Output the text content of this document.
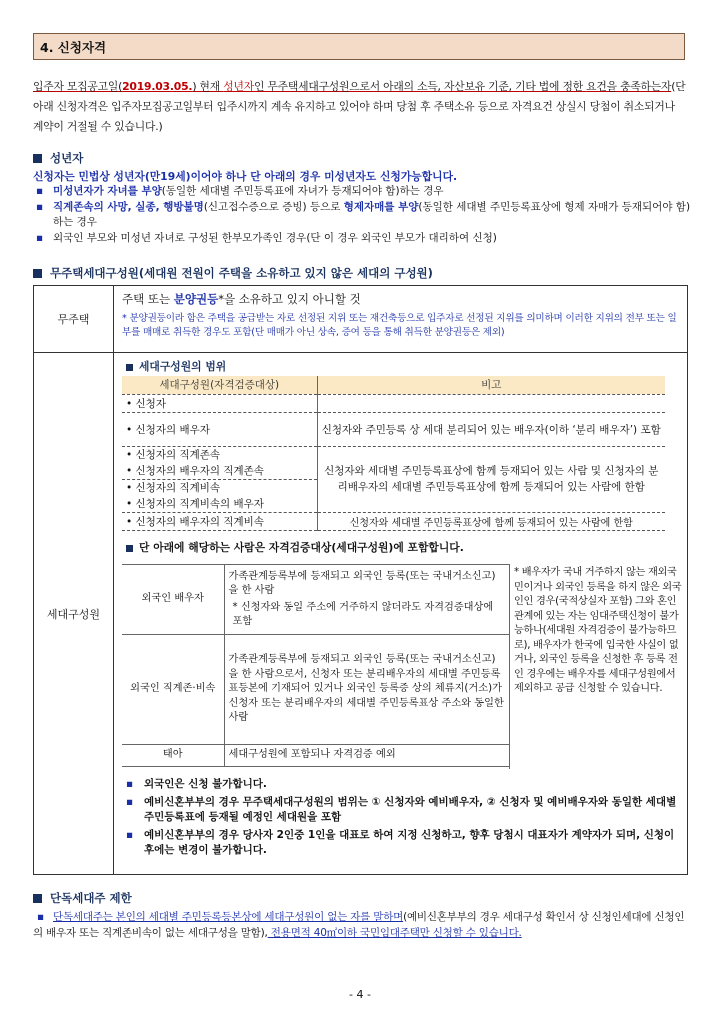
4. 신청자격
입주자 모집공고일(2019.03.05.) 현재 성년자인 무주택세대구성원으로서 아래의 소득, 자산보유 기준, 기타 법에 정한 요건을 충족하는자(단 아래 신청자격은 입주자모집공고일부터 입주시까지 계속 유지하고 있어야 하며 당첨 후 주택소유 등으로 자격요건 상실시 당첨이 취소되거나 계약이 거절될 수 있습니다.)
성년자
신청자는 민법상 성년자(만19세)이어야 하나 단 아래의 경우 미성년자도 신청가능합니다.
▪ 미성년자가 자녀를 부양(동일한 세대별 주민등록표에 자녀가 등재되어야 함)하는 경우
▪ 직계존속의 사망, 실종, 행방불명(신고접수증으로 증빙) 등으로 형제자매를 부양(동일한 세대별 주민등록표상에 형제 자매가 등재되어야 함)하는 경우
▪ 외국인 부모와 미성년 자녀로 구성된 한부모가족인 경우(단 이 경우 외국인 부모가 대리하여 신청)
무주택세대구성원 (세대원 전원이 주택을 소유하고 있지 않은 세대의 구성원)
무주택
주택 또는 분양권등*을 소유하고 있지 아니할 것
* 분양권등이라 함은 주택을 공급받는 자로 선정된 지위 또는 재건축등으로 입주자로 선정된 지위를 의미하며 이러한 지위의 전부 또는 일부를 매매로 취득한 경우도 포함(단 매매가 아닌 상속, 증여 등을 통해 취득한 분양권등은 제외)
세대구성원
세대구성원의 범위
세대구성원(자격검증대상)	비고
• 신청자	
• 신청자의 배우자	신청자와 주민등록 상 세대 분리되어 있는 배우자(이하 ‘분리 배우자’) 포함

• 신청자의 직계존속
• 신청자의 배우자의 직계존속
• 신청자의 직계비속
• 신청자의 직계비속의 배우자	신청자와 세대별 주민등록표상에 함께 등재되어 있는 사람 및 신청자의 분리배우자의 세대별 주민등록표상에 함께 등재되어 있는 사람에 한함
• 신청자의 배우자의 직계비속	신청자와 세대별 주민등록표상에 함께 등재되어 있는 사람에 한함
단 아래에 해당하는 사람은 자격검증대상(세대구성원)에 포함합니다.
외국인 배우자	가족관계등록부에 등재되고 외국인 등록(또는 국내거소신고)을 한 사람
* 신청자와 동일 주소에 거주하지 않더라도 자격검증대상에 포함

외국인 직계존·비속	가족관계등록부에 등재되고 외국인 등록(또는 국내거소신고)을 한 사람으로서, 신청자 또는 분리배우자의 세대별 주민등록표등본에 기재되어 있거나 외국인 등록증 상의 체류지(거소)가 신청자 또는 분리배우자의 세대별 주민등록표상 주소와 동일한 사람
태아	세대구성원에 포함되나 자격검증 예외
* 배우자가 국내 거주하지 않는 재외국민이거나 외국인 등록을 하지 않은 외국인인 경우(국적상실자 포함) 그와 혼인관계에 있는 자는 임대주택신청이 불가능하나(세대원 자격검증이 불가능하므로), 배우자가 한국에 입국한 사실이 없거나, 외국인 등록을 신청한 후 등록 전인 경우에는 배우자를 세대구성원에서 제외하고 공급 신청할 수 있습니다.
▪	외국인은 신청 불가합니다.
▪	예비신혼부부의 경우 무주택세대구성원의 범위는 ① 신청자와 예비배우자, ② 신청자 및 예비배우자와 동일한 세대별 주민등록표에 등재될 예정인 세대원을 포함
▪	예비신혼부부의 경우 당사자 2인중 1인을 대표로 하여 지정 신청하고, 향후 당첨시 대표자가 계약자가 되며, 신청이후에는 변경이 불가합니다.
단독세대주 제한
▪ 단독세대주는 본인의 세대별 주민등록등본상에 세대구성원이 없는 자를 말하며(예비신혼부부의 경우 세대구성 확인서 상 신청인세대에 신청인의 배우자 또는 직계존비속이 없는 세대구성을 말함), 전용면적 40㎡이하 국민임대주택만 신청할 수 있습니다.
- 4 -
